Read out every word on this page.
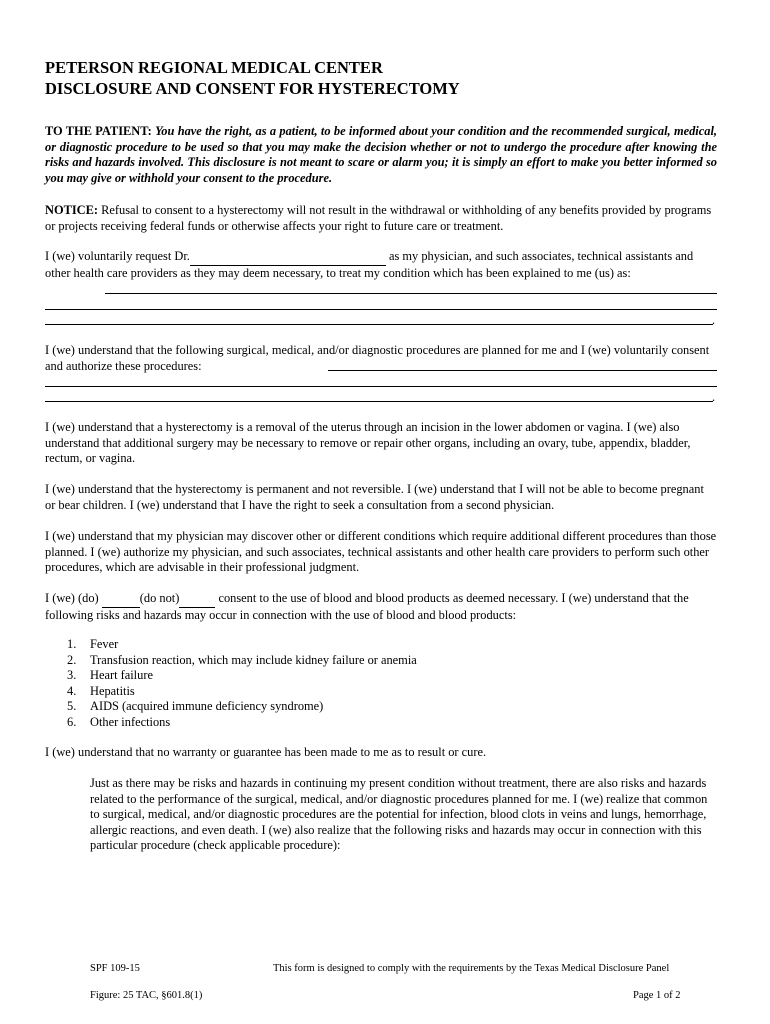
PETERSON REGIONAL MEDICAL CENTER
DISCLOSURE AND CONSENT FOR HYSTERECTOMY
TO THE PATIENT: You have the right, as a patient, to be informed about your condition and the recommended surgical, medical, or diagnostic procedure to be used so that you may make the decision whether or not to undergo the procedure after knowing the risks and hazards involved. This disclosure is not meant to scare or alarm you; it is simply an effort to make you better informed so you may give or withhold your consent to the procedure.
NOTICE: Refusal to consent to a hysterectomy will not result in the withdrawal or withholding of any benefits provided by programs or projects receiving federal funds or otherwise affects your right to future care or treatment.
I (we) voluntarily request Dr.	as my physician, and such associates, technical assistants and other health care providers as they may deem necessary, to treat my condition which has been explained to me (us) as:
.
I (we) understand that the following surgical, medical, and/or diagnostic procedures are planned for me and I (we) voluntarily consent and authorize these procedures:
.
I (we) understand that a hysterectomy is a removal of the uterus through an incision in the lower abdomen or vagina. I (we) also understand that additional surgery may be necessary to remove or repair other organs, including an ovary, tube, appendix, bladder, rectum, or vagina.
I (we) understand that the hysterectomy is permanent and not reversible. I (we) understand that I will not be able to become pregnant or bear children. I (we) understand that I have the right to seek a consultation from a second physician.
I (we) understand that my physician may discover other or different conditions which require additional different procedures than those planned. I (we) authorize my physician, and such associates, technical assistants and other health care providers to perform such other procedures, which are advisable in their professional judgment.
I (we) (do)	(do not)	consent to the use of blood and blood products as deemed necessary. I (we) understand that the following risks and hazards may occur in connection with the use of blood and blood products:
1. Fever
2. Transfusion reaction, which may include kidney failure or anemia
3. Heart failure
4. Hepatitis
5. AIDS (acquired immune deficiency syndrome)
6. Other infections
I (we) understand that no warranty or guarantee has been made to me as to result or cure.
Just as there may be risks and hazards in continuing my present condition without treatment, there are also risks and hazards related to the performance of the surgical, medical, and/or diagnostic procedures planned for me. I (we) realize that common to surgical, medical, and/or diagnostic procedures are the potential for infection, blood clots in veins and lungs, hemorrhage, allergic reactions, and even death. I (we) also realize that the following risks and hazards may occur in connection with this particular procedure (check applicable procedure):
SPF 109-15	This form is designed to comply with the requirements by the Texas Medical Disclosure Panel
Figure: 25 TAC, §601.8(1)	Page 1 of 2
